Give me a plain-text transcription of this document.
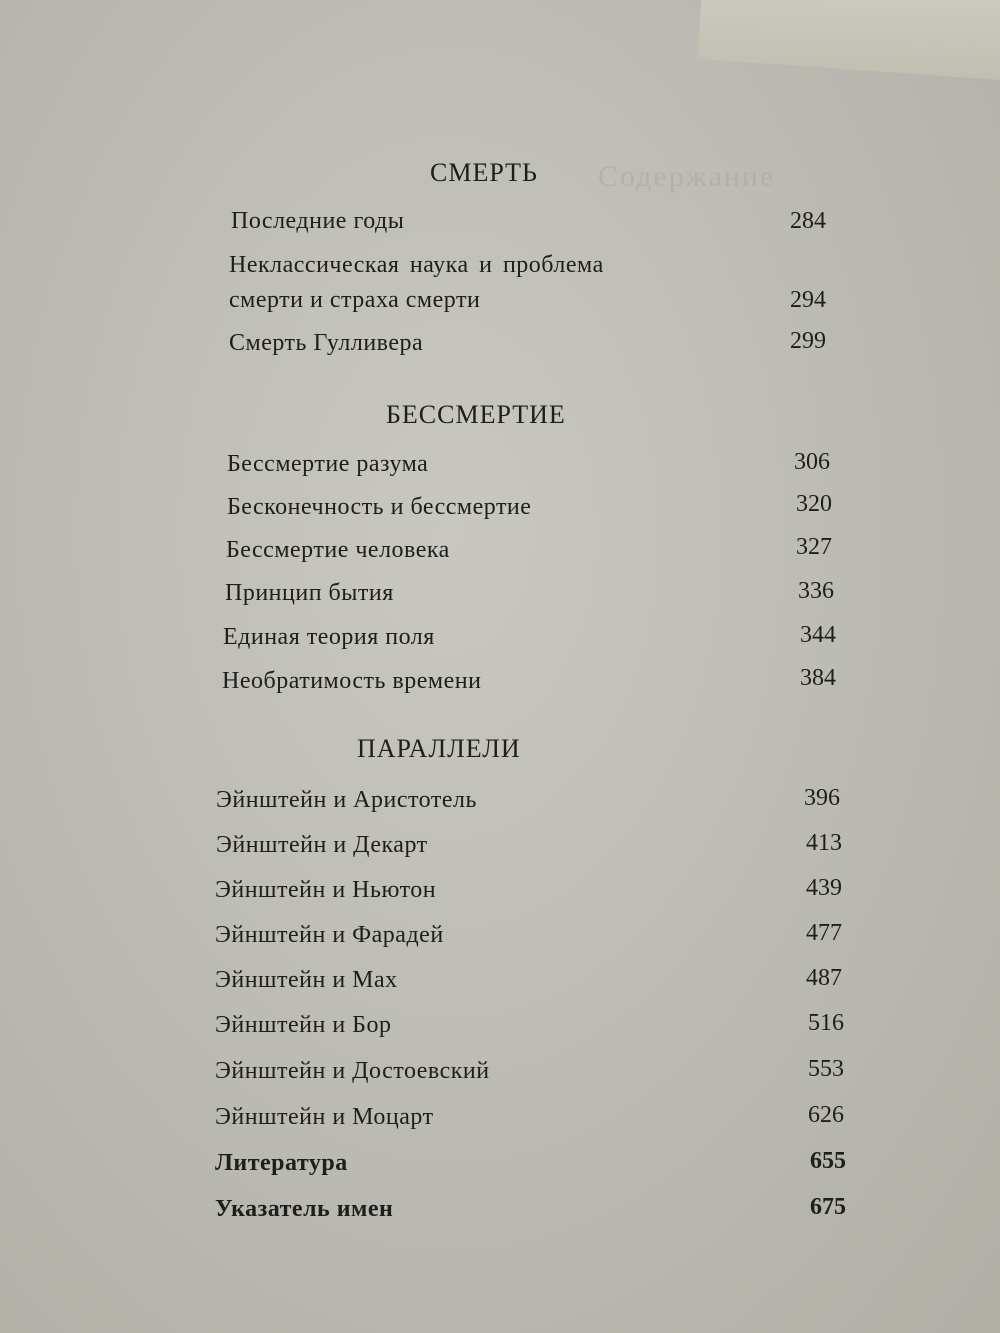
Содержание
СМЕРТЬ
Последние годы	284
Неклассическая наука и проблема
смерти и страха смерти	294
Смерть Гулливера	299
БЕССМЕРТИЕ
Бессмертие разума	306
Бесконечность и бессмертие	320
Бессмертие человека	327
Принцип бытия	336
Единая теория поля	344
Необратимость времени	384
ПАРАЛЛЕЛИ
Эйнштейн и Аристотель	396
Эйнштейн и Декарт	413
Эйнштейн и Ньютон	439
Эйнштейн и Фарадей	477
Эйнштейн и Мах	487
Эйнштейн и Бор	516
Эйнштейн и Достоевский	553
Эйнштейн и Моцарт	626
Литература	655
Указатель имен	675
